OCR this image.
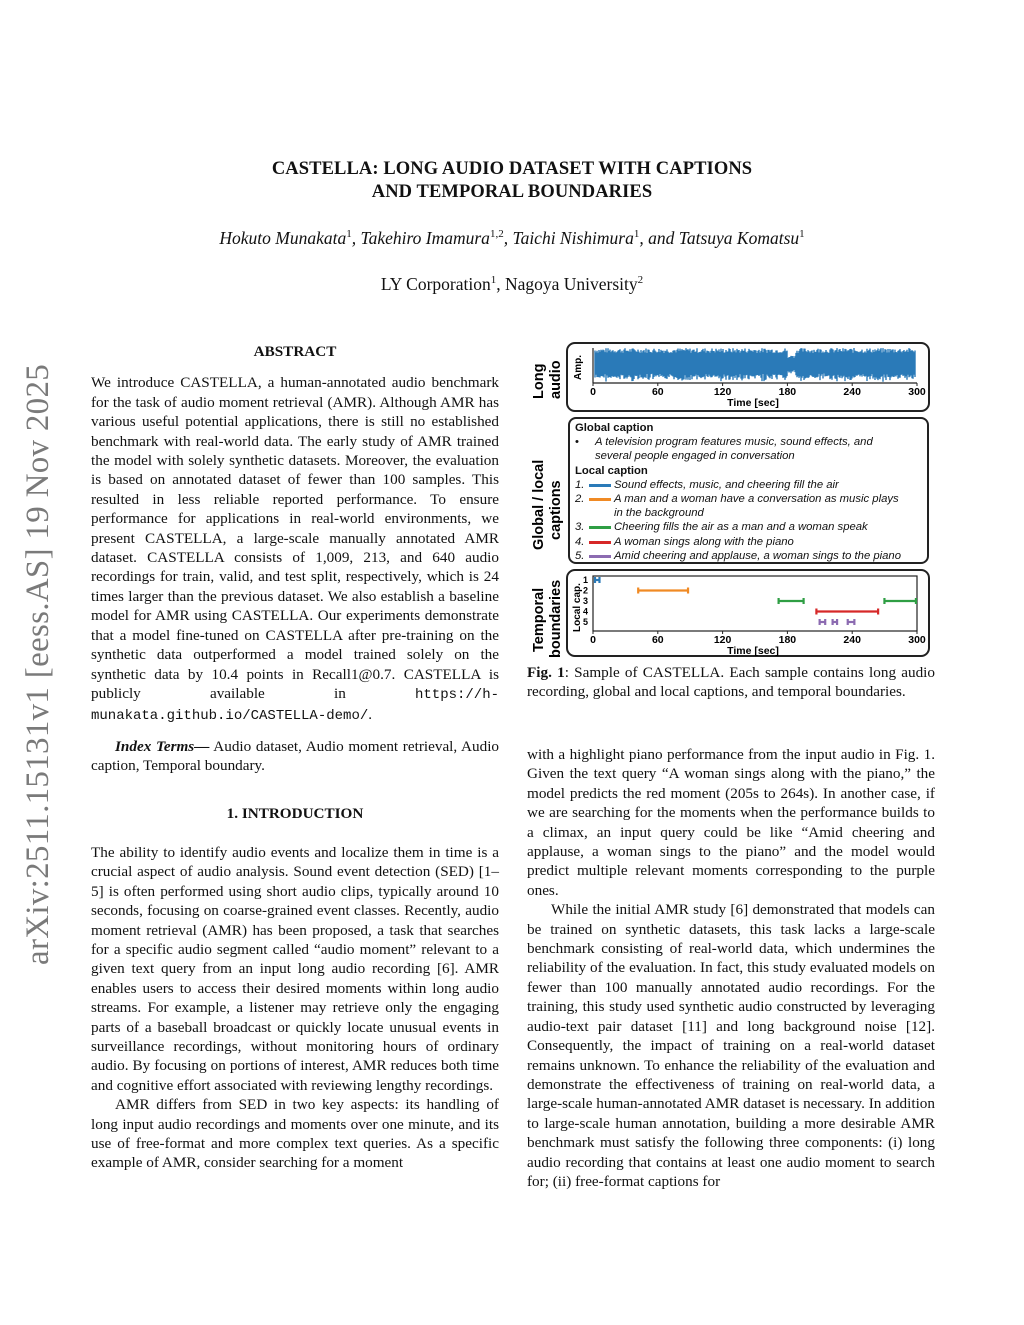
arXiv:2511.15131v1 [eess.AS] 19 Nov 2025
CASTELLA: LONG AUDIO DATASET WITH CAPTIONS
AND TEMPORAL BOUNDARIES
Hokuto Munakata$^1$, Takehiro Imamura$^{1,2}$, Taichi Nishimura$^1$, and Tatsuya Komatsu$^1$
LY Corporation$^1$, Nagoya University$^2$
ABSTRACT

We introduce CASTELLA, a human-annotated audio benchmark for the task of audio moment retrieval (AMR). Although AMR has various useful potential applications, there is still no established benchmark with real-world data. The early study of AMR trained the model with solely synthetic datasets. Moreover, the evaluation is based on annotated dataset of fewer than 100 samples. This resulted in less reliable reported performance. To ensure performance for applications in real-world environments, we present CASTELLA, a large-scale manually annotated AMR dataset. CASTELLA consists of 1,009, 213, and 640 audio recordings for train, valid, and test split, respectively, which is 24 times larger than the previous dataset. We also establish a baseline model for AMR using CASTELLA. Our experiments demonstrate that a model fine-tuned on CASTELLA after pre-training on the synthetic data outperformed a model trained solely on the synthetic data by 10.4 points in Recall1@0.7. CASTELLA is publicly available in https://h-munakata.github.io/CASTELLA-demo/.

Index Terms— Audio dataset, Audio moment retrieval, Audio caption, Temporal boundary.

1. INTRODUCTION

The ability to identify audio events and localize them in time is a crucial aspect of audio analysis. Sound event detection (SED) [1–5] is often performed using short audio clips, typically around 10 seconds, focusing on coarse-grained event classes. Recently, audio moment retrieval (AMR) has been proposed, a task that searches for a specific audio segment called “audio moment” relevant to a given text query from an input long audio recording [6]. AMR enables users to access their desired moments within long audio streams. For example, a listener may retrieve only the engaging parts of a baseball broadcast or quickly locate unusual events in surveillance recordings, without monitoring hours of ordinary audio. By focusing on portions of interest, AMR reduces both time and cognitive effort associated with reviewing lengthy recordings.

AMR differs from SED in two key aspects: its handling of long input audio recordings and moments over one minute, and its use of free-format and more complex text queries. As a specific example of AMR, consider searching for a moment

Long audio
Global / local captions
Temporal boundaries
Amp.
0	60	120	180	240	300
Time [sec]
Local cap.
1
2
3
4
5
0	60	120	180	240	300
Time [sec]
Global caption
•	A television program features music, sound effects, and
several people engaged in conversation
Local caption
1.	Sound effects, music, and cheering fill the air
2.	A man and a woman have a conversation as music plays
in the background
3.	Cheering fills the air as a man and a woman speak
4.	A woman sings along with the piano
5.	Amid cheering and applause, a woman sings to the piano
Fig. 1: Sample of CASTELLA. Each sample contains long audio recording, global and local captions, and temporal boundaries.

with a highlight piano performance from the input audio in Fig. 1. Given the text query “A woman sings along with the piano,” the model predicts the red moment (205s to 264s). In another case, if we are searching for the moments when the performance builds to a climax, an input query could be like “Amid cheering and applause, a woman sings to the piano” and the model would predict multiple relevant moments corresponding to the purple ones.

While the initial AMR study [6] demonstrated that models can be trained on synthetic datasets, this task lacks a large-scale benchmark consisting of real-world data, which undermines the reliability of the evaluation. In fact, this study evaluated models on fewer than 100 manually annotated audio recordings. For the training, this study used synthetic audio constructed by leveraging audio-text pair dataset [11] and long background noise [12]. Consequently, the impact of training on a real-world dataset remains unknown. To enhance the reliability of the evaluation and demonstrate the effectiveness of training on real-world data, a large-scale human-annotated AMR dataset is necessary. In addition to large-scale human annotation, building a more desirable AMR benchmark must satisfy the following three components: (i) long audio recording that contains at least one audio moment to search for; (ii) free-format captions for
